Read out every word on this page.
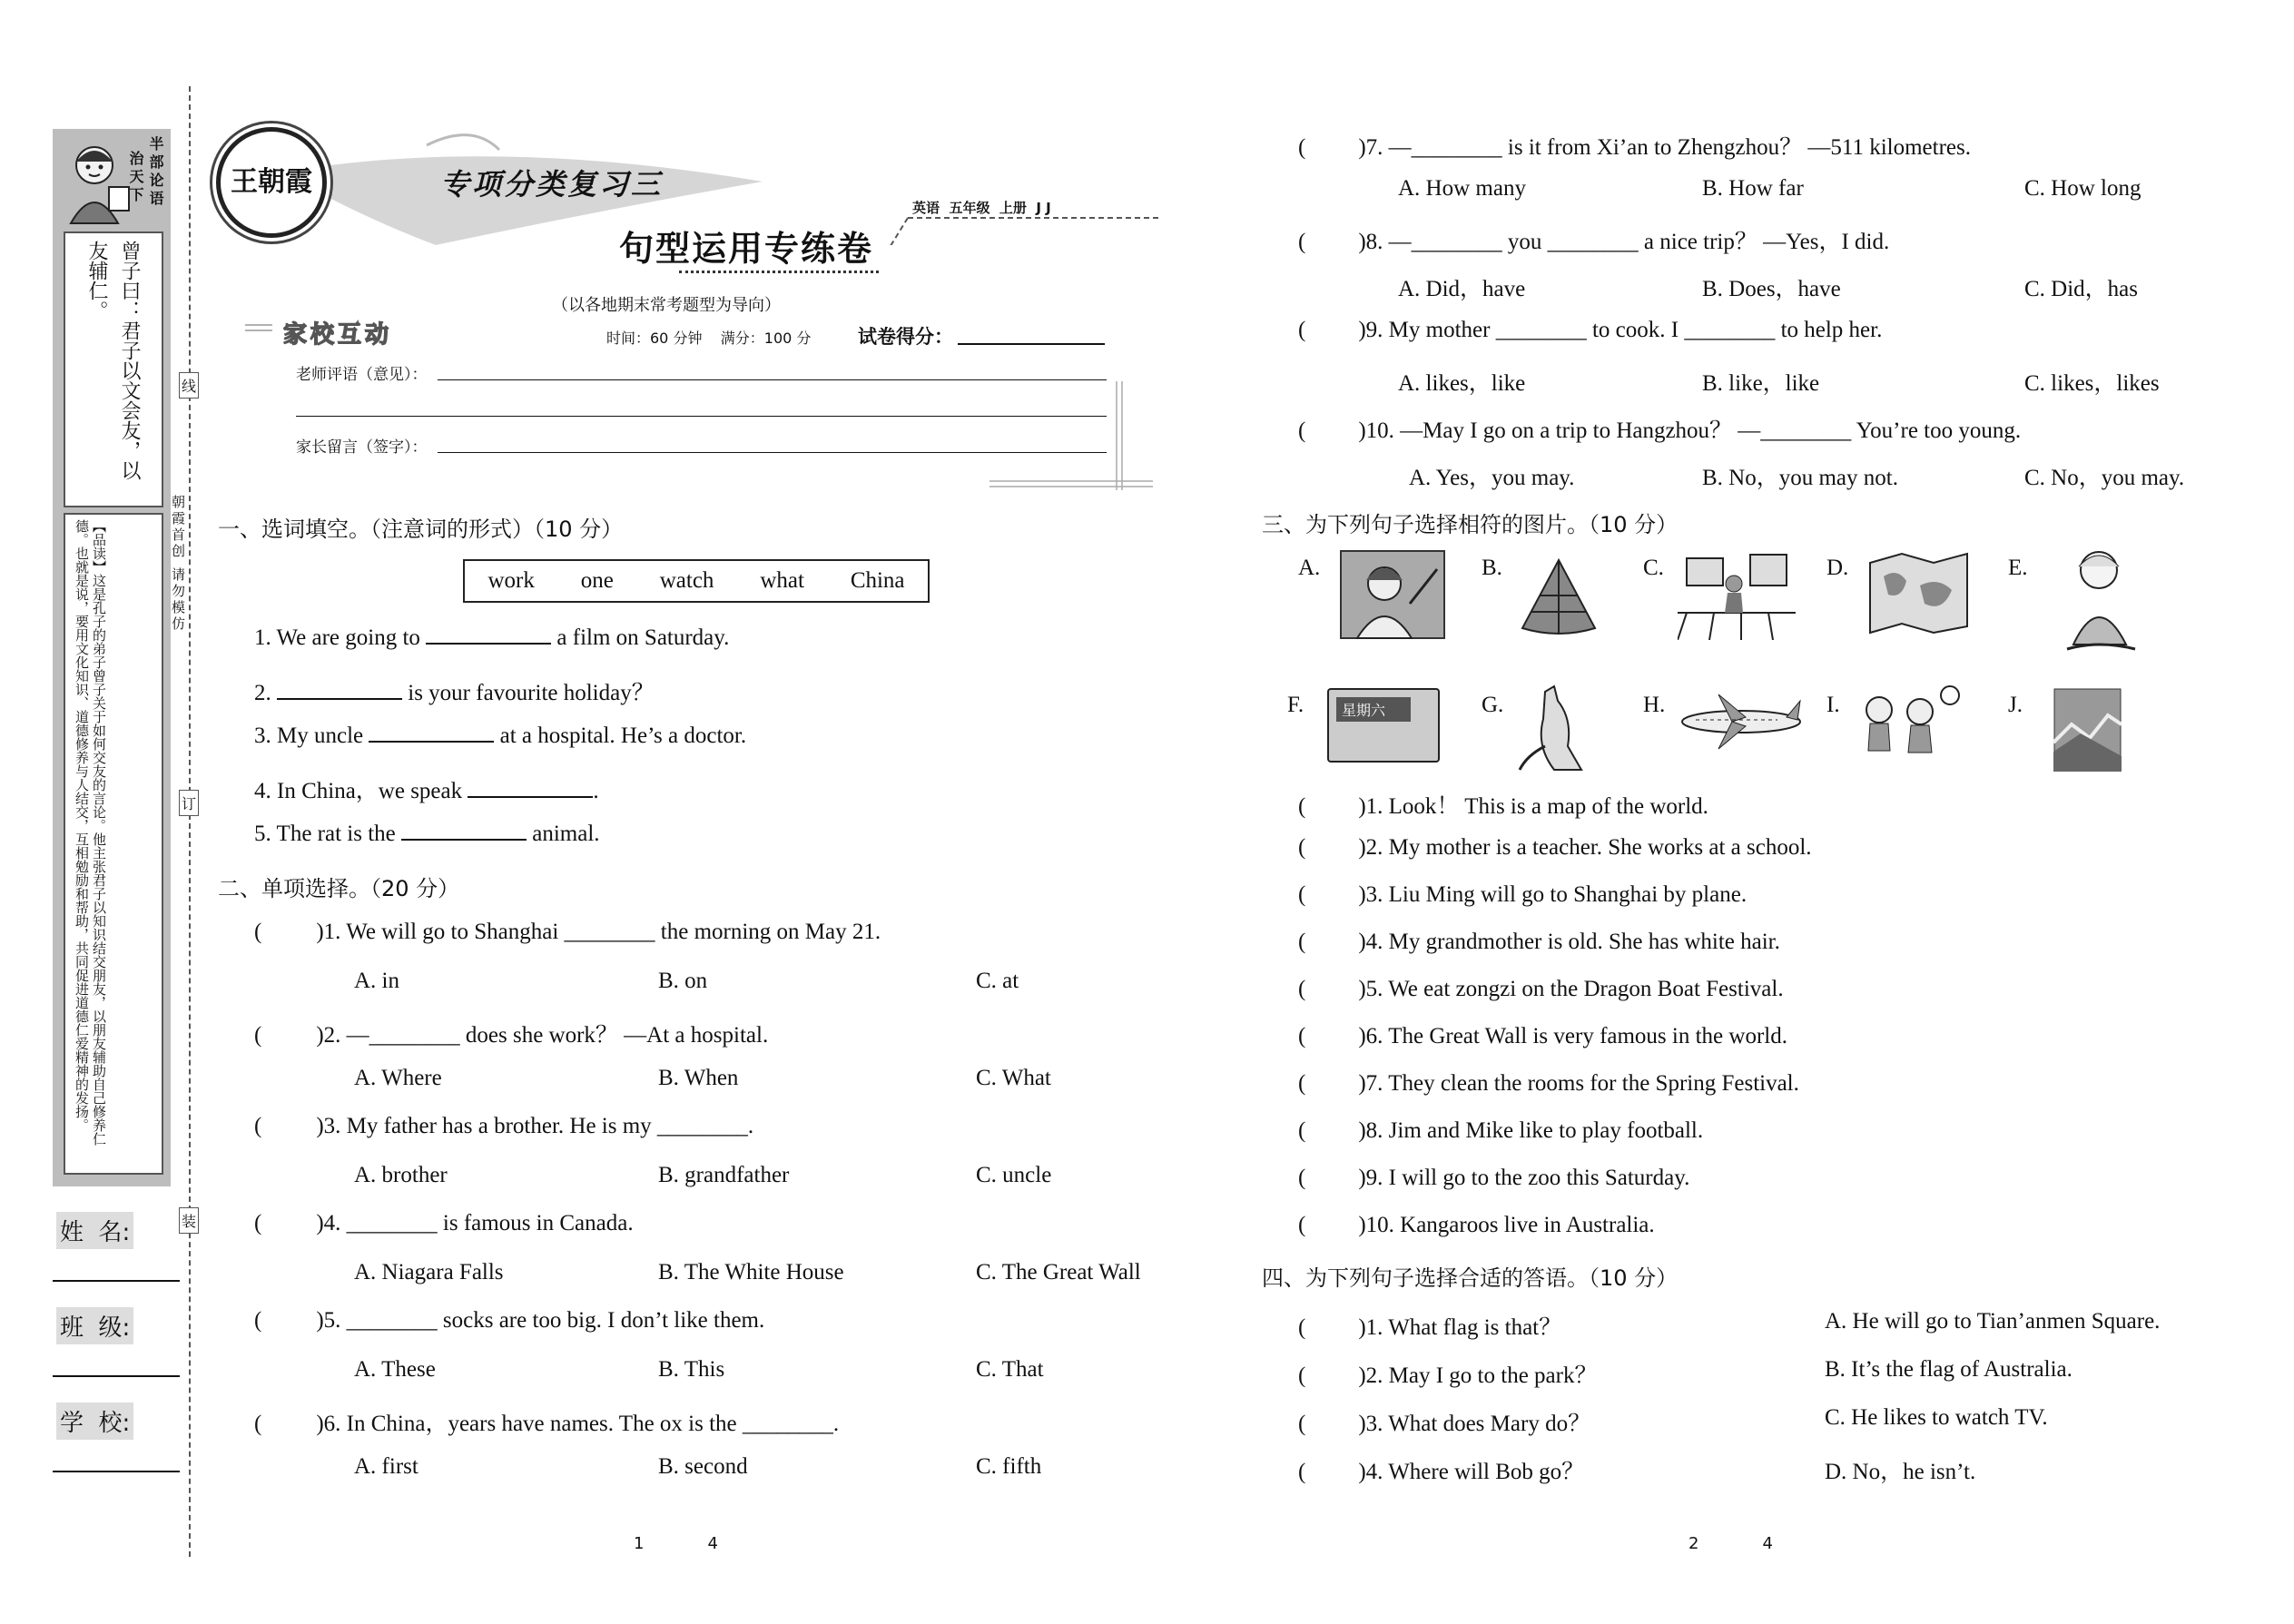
半部论语
治天下
曾子曰：君子以文会友，以友辅仁。
【品读】这是孔子的弟子曾子关于如何交友的言论。他主张君子以知识结交朋友，以朋友辅助自己修养仁德。也就是说，要用文化知识、道德修养与人结交，互相勉励和帮助，共同促进道德仁爱精神的发扬。	朝霞首创 请勿模仿
线
订
装
姓  名:
班  级:
学  校:
王朝霞	专项分类复习三
英语  五年级  上册  J J
句型运用专练卷
（以各地期末常考题型为导向）
家校互动	时间：60 分钟    满分：100 分 试卷得分：
老师评语（意见）：
家长留言（签字）：
一、选词填空。（注意词的形式）（10 分）
work one watch what China
1. We are going to	a film on Saturday.
2.	is your favourite holiday？
3. My uncle	at a hospital. He’s a doctor.
4. In China，we speak	.
5. The rat is the	animal.
二、单项选择。（20 分）
( )1. We will go to Shanghai ________ the morning on May 21.
A. in	B. on	C. at
( )2. —________ does she work？ —At a hospital.
A. Where	B. When	C. What
( )3. My father has a brother. He is my ________.
A. brother	B. grandfather	C. uncle
( )4. ________ is famous in Canada.
A. Niagara Falls	B. The White House	C. The Great Wall
( )5. ________ socks are too big. I don’t like them.
A. These	B. This	C. That
( )6. In China，years have names. The ox is the ________.
A. first	B. second	C. fifth
1	4
( )7. —________ is it from Xi’an to Zhengzhou？ —511 kilometres.
A. How many	B. How far	C. How long
( )8. —________ you ________ a nice trip？ —Yes，I did.
A. Did，have	B. Does，have	C. Did，has
( )9. My mother ________ to cook. I ________ to help her.
A. likes，like	B. like，like	C. likes，likes
( )10. —May I go on a trip to Hangzhou？ —________ You’re too young.
A. Yes，you may.	B. No，you may not.	C. No，you may.
三、为下列句子选择相符的图片。（10 分）
A.	B.	C.	D.	E.
F.	星期六	G.	H.	I.	J.
( )1. Look！ This is a map of the world.
( )2. My mother is a teacher. She works at a school.
( )3. Liu Ming will go to Shanghai by plane.
( )4. My grandmother is old. She has white hair.
( )5. We eat zongzi on the Dragon Boat Festival.
( )6. The Great Wall is very famous in the world.
( )7. They clean the rooms for the Spring Festival.
( )8. Jim and Mike like to play football.
( )9. I will go to the zoo this Saturday.
( )10. Kangaroos live in Australia.
四、为下列句子选择合适的答语。（10 分）
( )1. What flag is that？	A. He will go to Tian’anmen Square.
( )2. May I go to the park？	B. It’s the flag of Australia.
( )3. What does Mary do？	C. He likes to watch TV.
( )4. Where will Bob go？	D. No，he isn’t.
2	4
